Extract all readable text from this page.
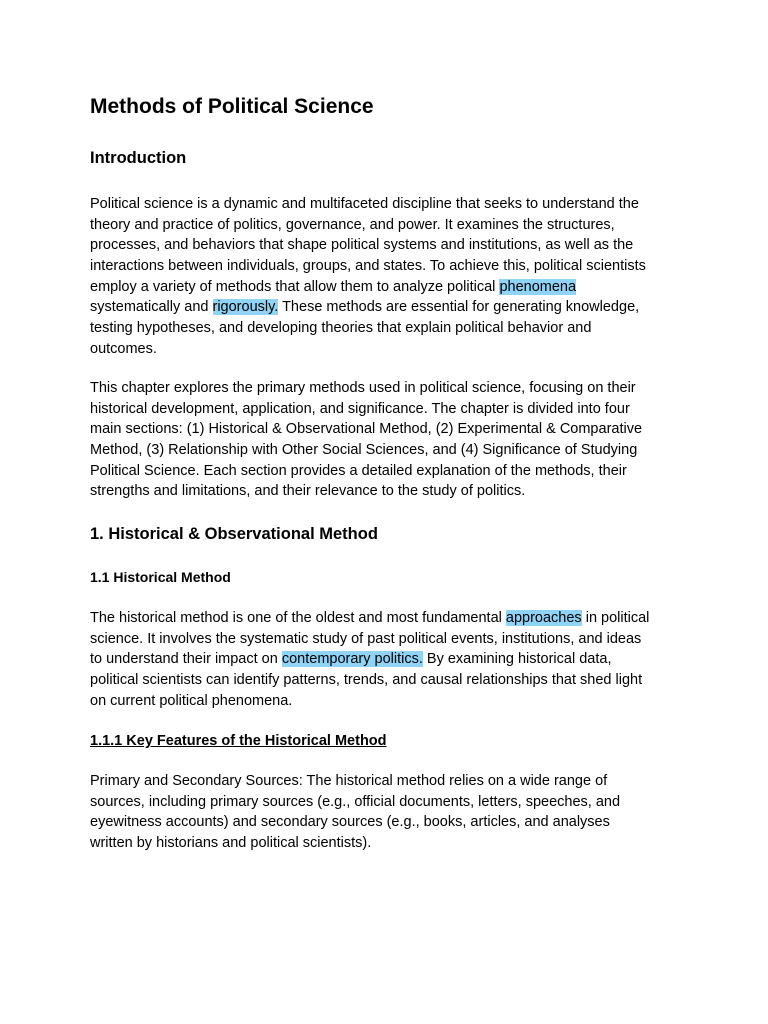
Methods of Political Science
Introduction
Political science is a dynamic and multifaceted discipline that seeks to understand the
theory and practice of politics, governance, and power. It examines the structures,
processes, and behaviors that shape political systems and institutions, as well as the
interactions between individuals, groups, and states. To achieve this, political scientists
employ a variety of methods that allow them to analyze political phenomena
systematically and rigorously. These methods are essential for generating knowledge,
testing hypotheses, and developing theories that explain political behavior and
outcomes.
This chapter explores the primary methods used in political science, focusing on their
historical development, application, and significance. The chapter is divided into four
main sections: (1) Historical & Observational Method, (2) Experimental & Comparative
Method, (3) Relationship with Other Social Sciences, and (4) Significance of Studying
Political Science. Each section provides a detailed explanation of the methods, their
strengths and limitations, and their relevance to the study of politics.
1. Historical & Observational Method
1.1 Historical Method
The historical method is one of the oldest and most fundamental approaches in political
science. It involves the systematic study of past political events, institutions, and ideas
to understand their impact on contemporary politics. By examining historical data,
political scientists can identify patterns, trends, and causal relationships that shed light
on current political phenomena.
1.1.1 Key Features of the Historical Method
Primary and Secondary Sources: The historical method relies on a wide range of
sources, including primary sources (e.g., official documents, letters, speeches, and
eyewitness accounts) and secondary sources (e.g., books, articles, and analyses
written by historians and political scientists).
